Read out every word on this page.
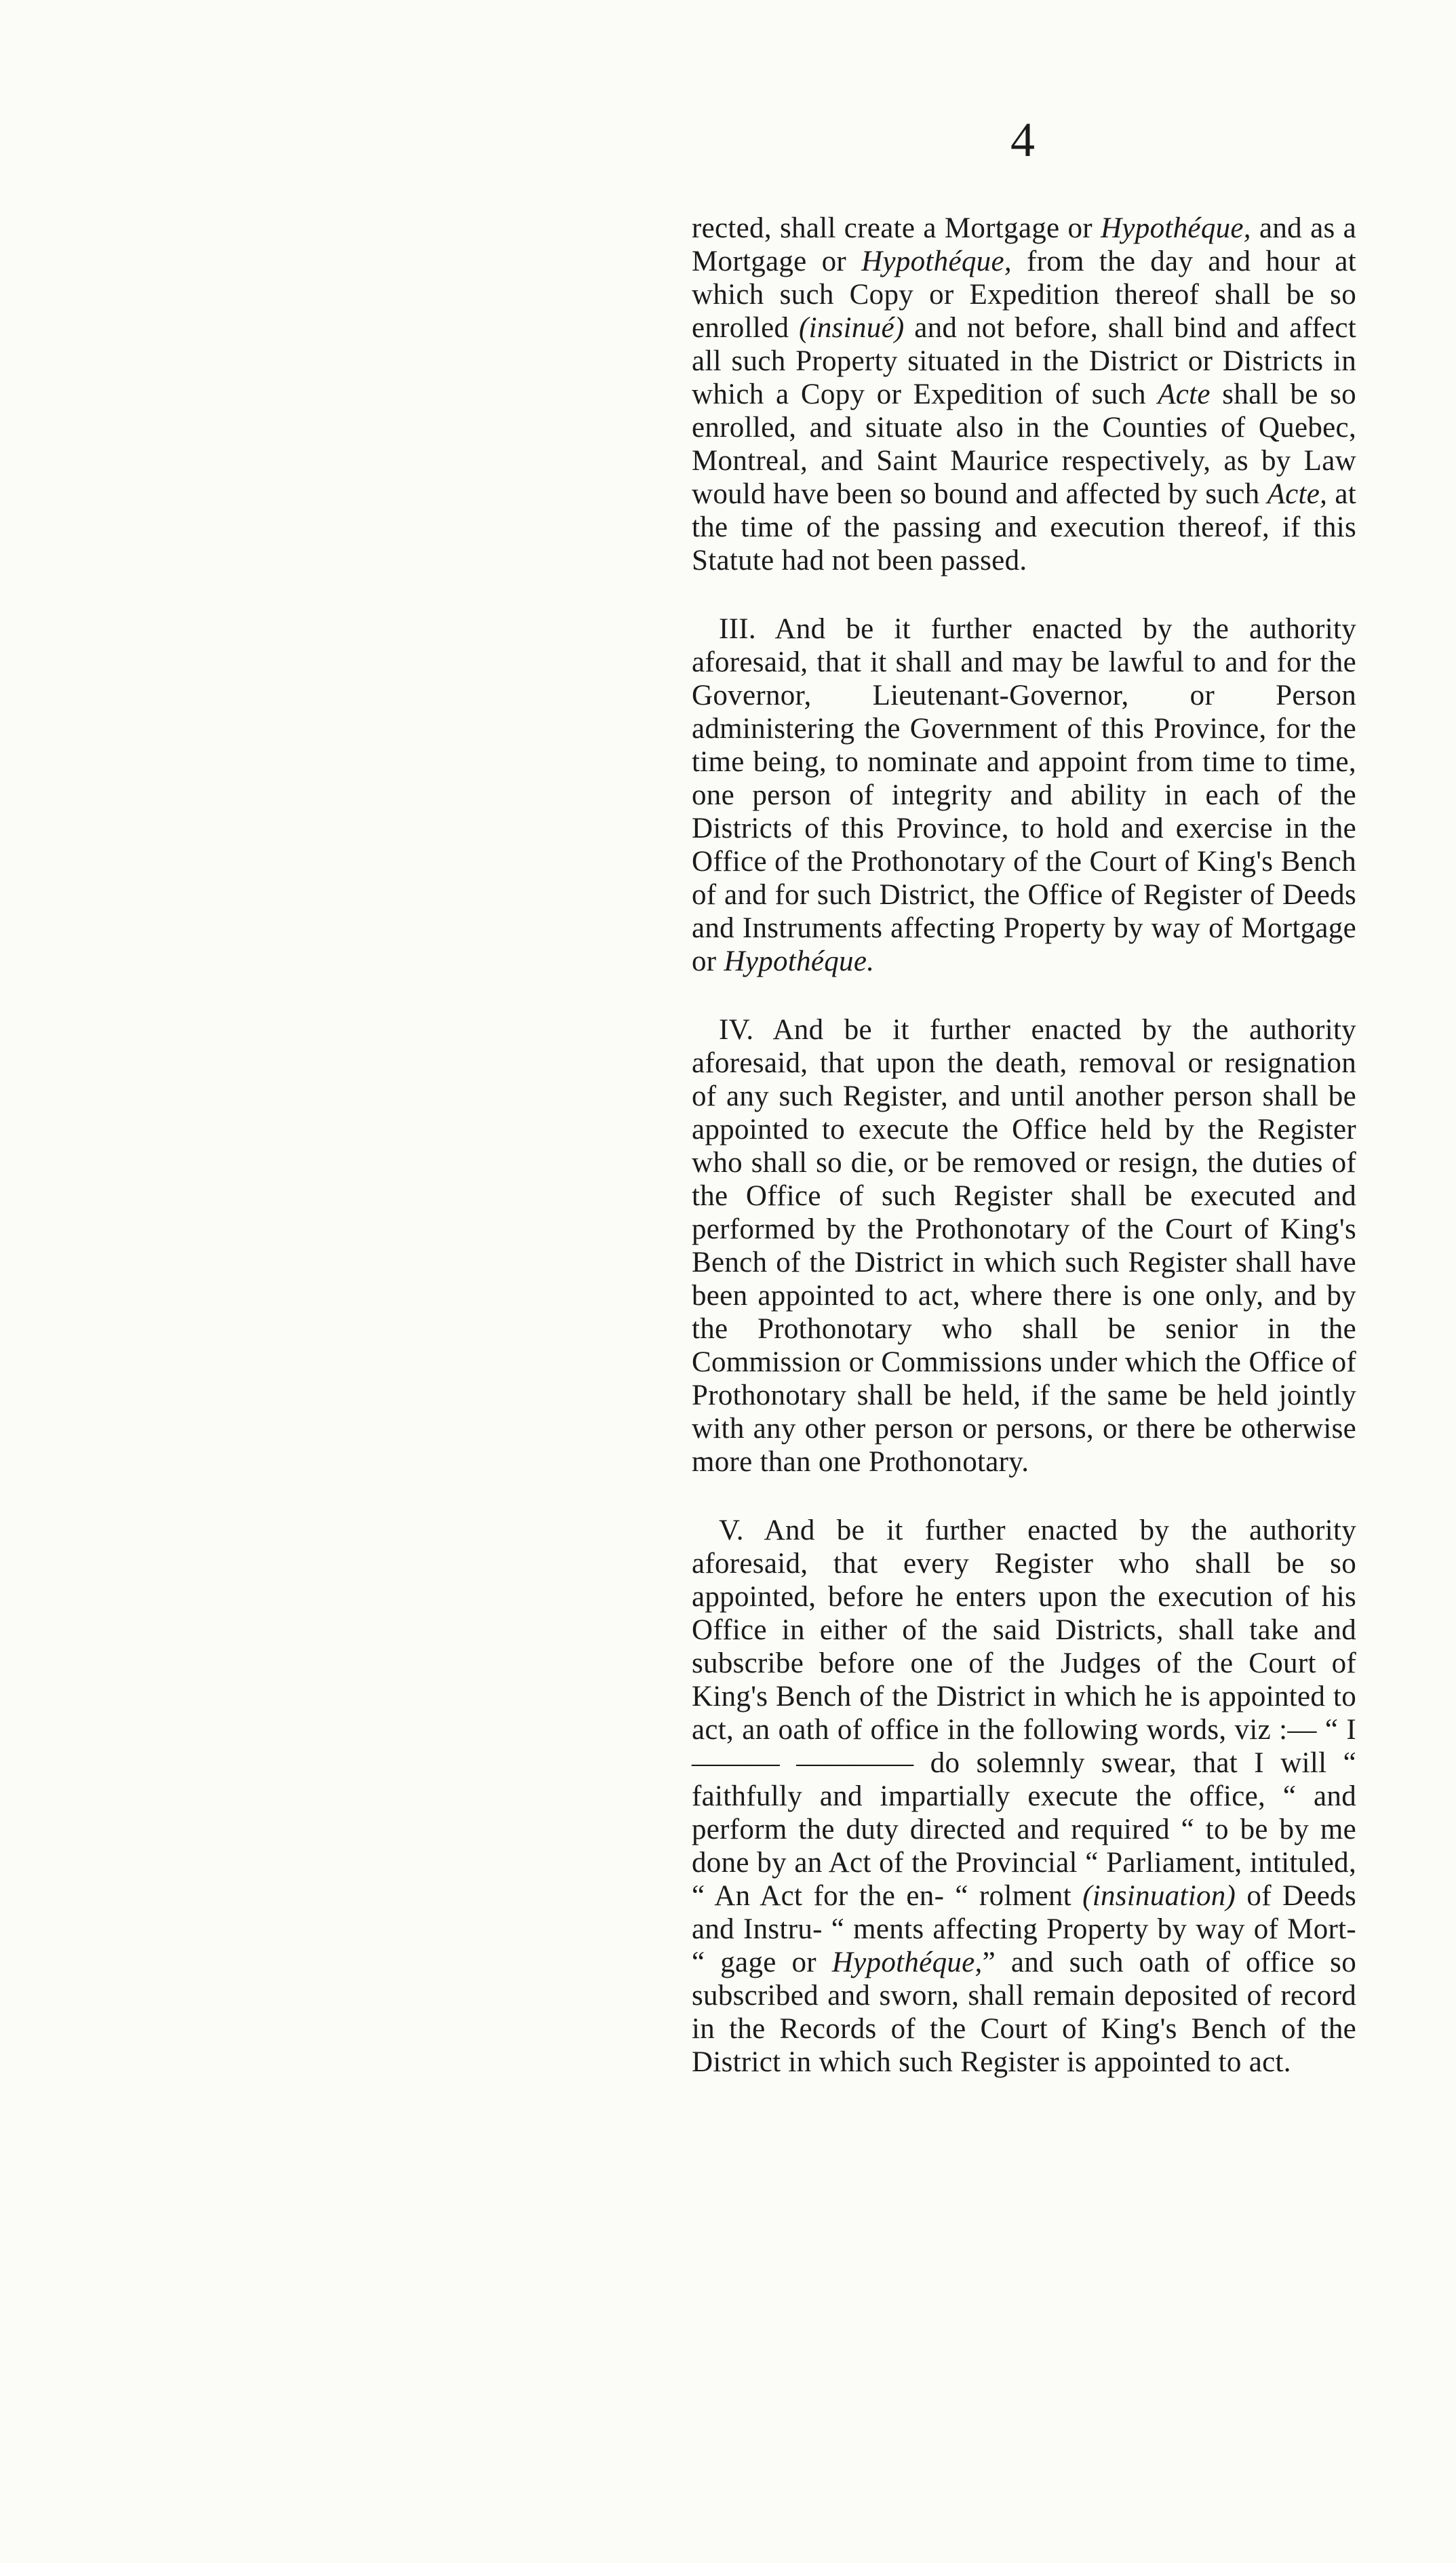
4

rected, shall create a Mortgage or Hypothéque, and as a Mortgage or Hypothéque, from the day and hour at which such Copy or Expedition thereof shall be so enrolled (insinué) and not before, shall bind and affect all such Property situated in the District or Districts in which a Copy or Expedition of such Acte shall be so enrolled, and situate also in the Counties of Quebec, Montreal, and Saint Maurice respectively, as by Law would have been so bound and affected by such Acte, at the time of the passing and execution thereof, if this Statute had not been passed.

III. And be it further enacted by the authority aforesaid, that it shall and may be lawful to and for the Governor, Lieutenant-Governor, or Person administering the Government of this Province, for the time being, to nominate and appoint from time to time, one person of integrity and ability in each of the Districts of this Province, to hold and exercise in the Office of the Prothonotary of the Court of King's Bench of and for such District, the Office of Register of Deeds and Instruments affecting Property by way of Mortgage or Hypothéque.

IV. And be it further enacted by the authority aforesaid, that upon the death, removal or resignation of any such Register, and until another person shall be appointed to execute the Office held by the Register who shall so die, or be removed or resign, the duties of the Office of such Register shall be executed and performed by the Prothonotary of the Court of King's Bench of the District in which such Register shall have been appointed to act, where there is one only, and by the Prothonotary who shall be senior in the Commission or Commissions under which the Office of Prothonotary shall be held, if the same be held jointly with any other person or persons, or there be otherwise more than one Prothonotary.

V. And be it further enacted by the authority aforesaid, that every Register who shall be so appointed, before he enters upon the execution of his Office in either of the said Districts, shall take and subscribe before one of the Judges of the Court of King's Bench of the District in which he is appointed to act, an oath of office in the following words, viz :— “ I ——— ———— do solemnly swear, that I will “ faithfully and impartially execute the office, “ and perform the duty directed and required “ to be by me done by an Act of the Provincial “ Parliament, intituled, “ An Act for the en- “ rolment (insinuation) of Deeds and Instru- “ ments affecting Property by way of Mort- “ gage or Hypothéque,” and such oath of office so subscribed and sworn, shall remain deposited of record in the Records of the Court of King's Bench of the District in which such Register is appointed to act.
